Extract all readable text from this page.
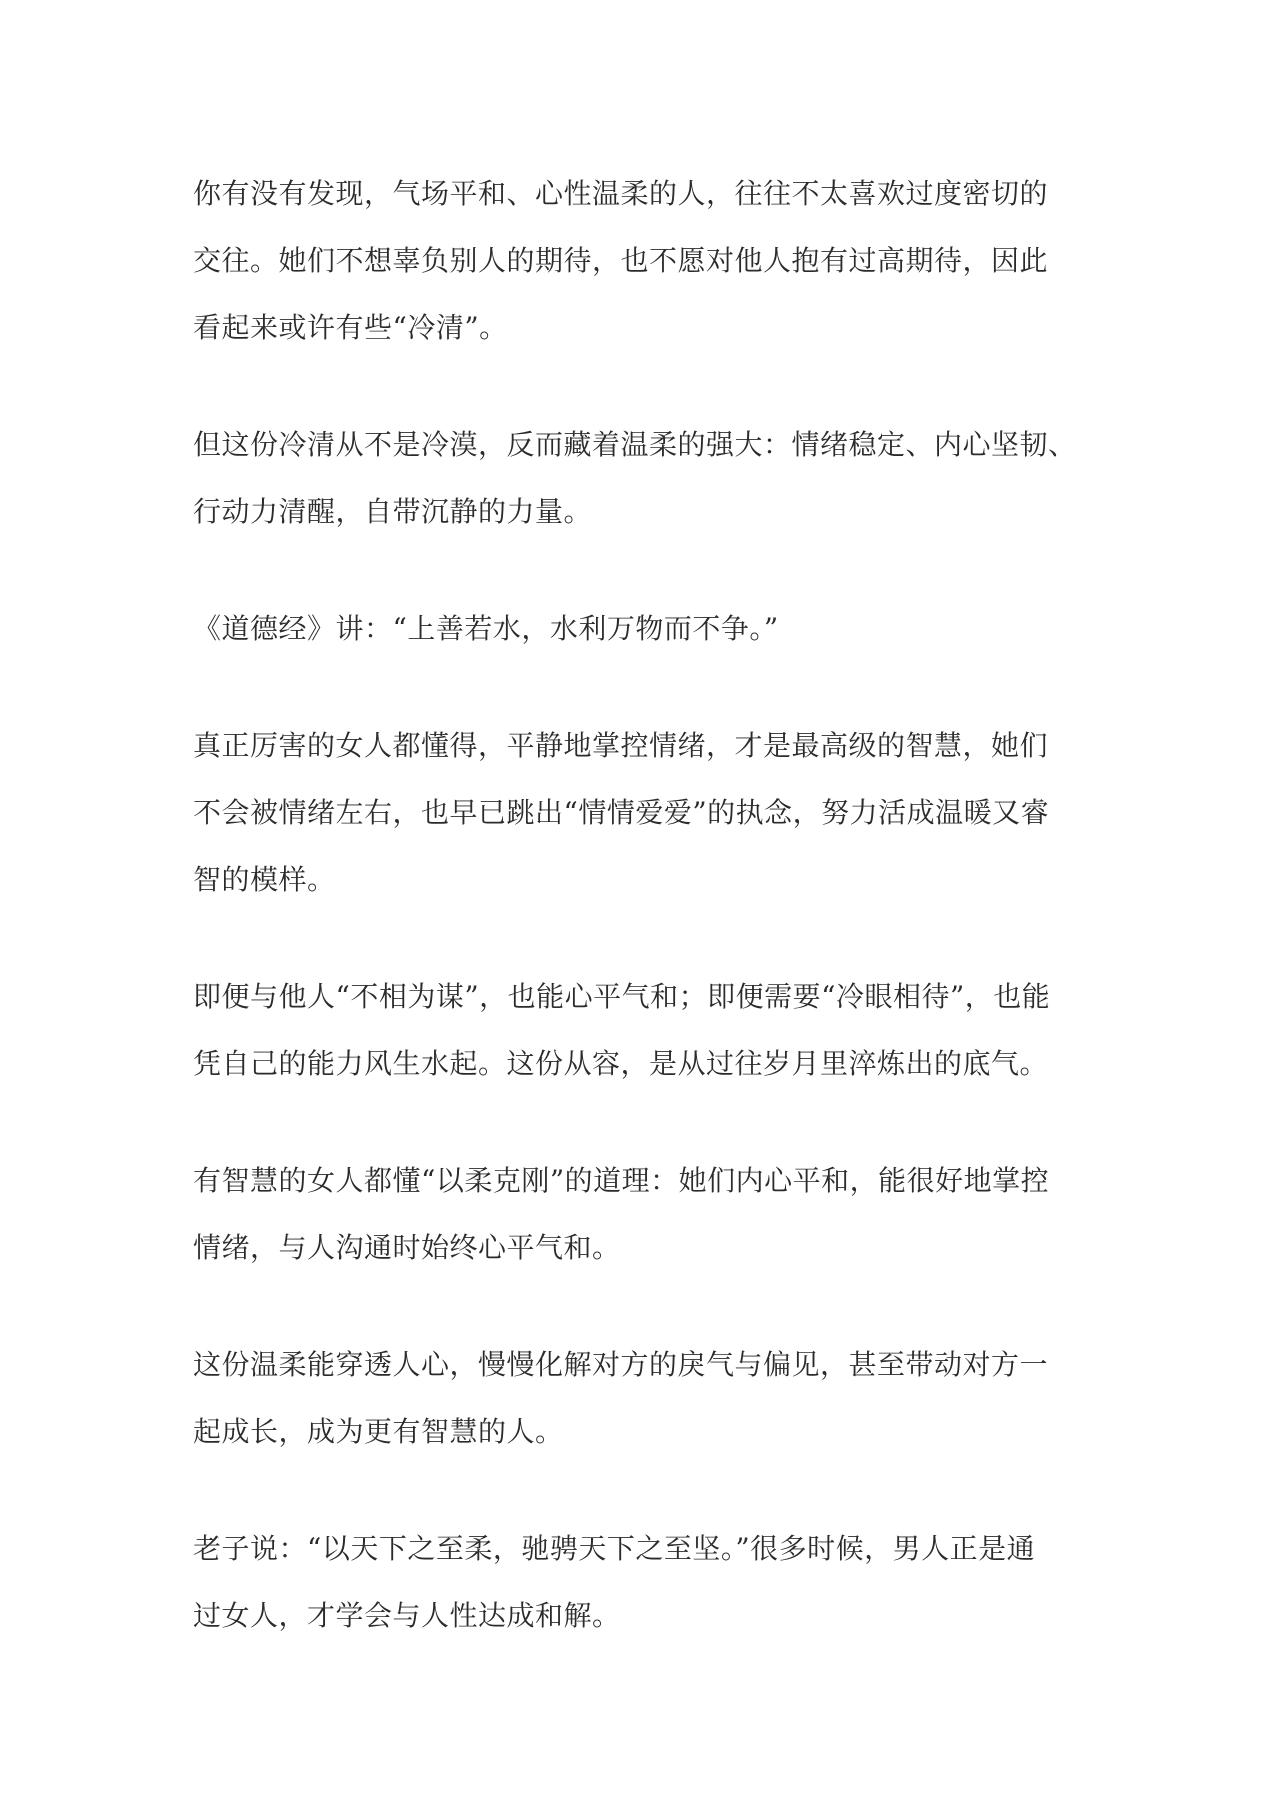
你有没有发现，气场平和、心性温柔的人，往往不太喜欢过度密切的
交往。她们不想辜负别人的期待，也不愿对他人抱有过高期待，因此
看起来或许有些“冷清”。

但这份冷清从不是冷漠，反而藏着温柔的强大：情绪稳定、内心坚韧、
行动力清醒，自带沉静的力量。

《道德经》讲：“上善若水，水利万物而不争。”

真正厉害的女人都懂得，平静地掌控情绪，才是最高级的智慧，她们
不会被情绪左右，也早已跳出“情情爱爱”的执念，努力活成温暖又睿
智的模样。

即便与他人“不相为谋”，也能心平气和；即便需要“冷眼相待”，也能
凭自己的能力风生水起。这份从容，是从过往岁月里淬炼出的底气。

有智慧的女人都懂“以柔克刚”的道理：她们内心平和，能很好地掌控
情绪，与人沟通时始终心平气和。

这份温柔能穿透人心，慢慢化解对方的戾气与偏见，甚至带动对方一
起成长，成为更有智慧的人。

老子说：“以天下之至柔，驰骋天下之至坚。”很多时候，男人正是通
过女人，才学会与人性达成和解。
